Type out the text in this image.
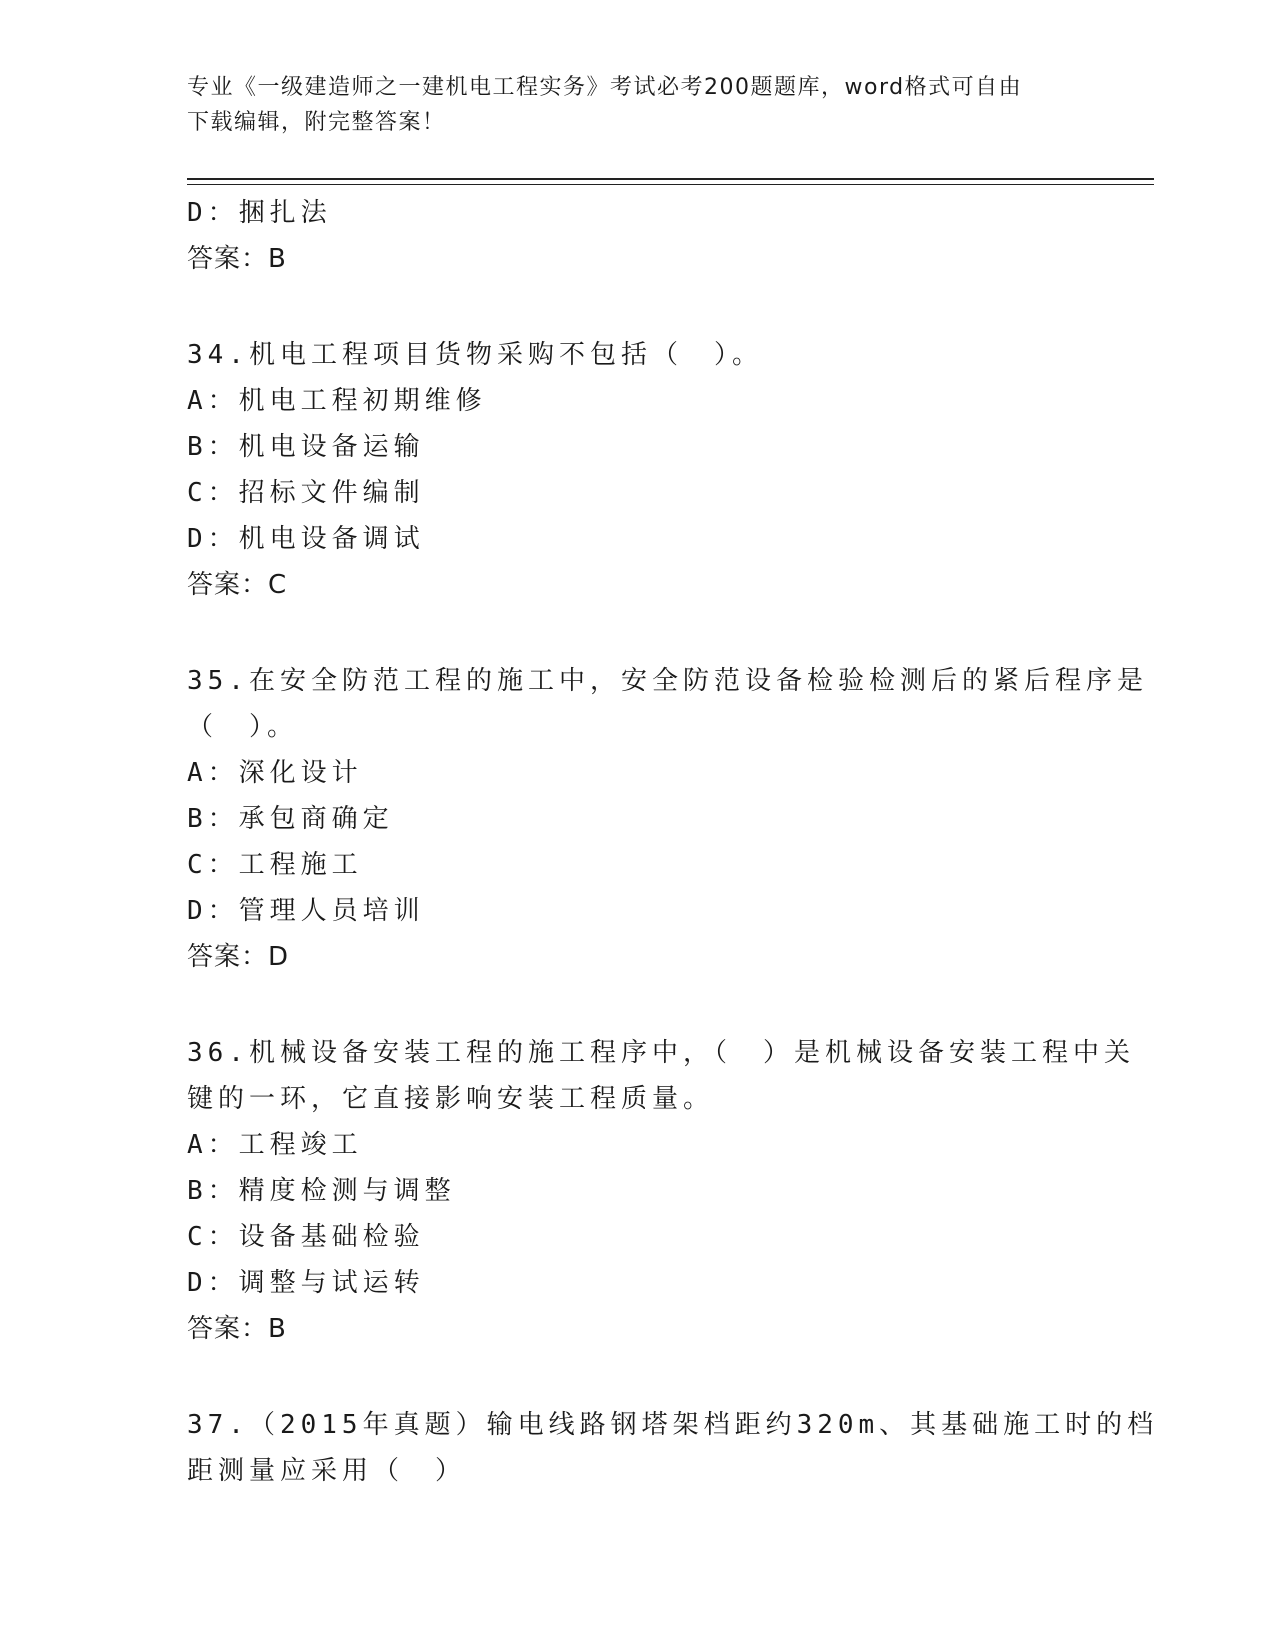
专业《一级建造师之一建机电工程实务》考试必考200题题库，word格式可自由
下载编辑，附完整答案！
D：捆扎法
答案：B
34.机电工程项目货物采购不包括（　）。
A：机电工程初期维修
B：机电设备运输
C：招标文件编制
D：机电设备调试
答案：C
35.在安全防范工程的施工中，安全防范设备检验检测后的紧后程序是
（　）。
A：深化设计
B：承包商确定
C：工程施工
D：管理人员培训
答案：D
36.机械设备安装工程的施工程序中，（　）是机械设备安装工程中关
键的一环，它直接影响安装工程质量。
A：工程竣工
B：精度检测与调整
C：设备基础检验
D：调整与试运转
答案：B
37.（2015年真题）输电线路钢塔架档距约320m、其基础施工时的档
距测量应采用（　）
